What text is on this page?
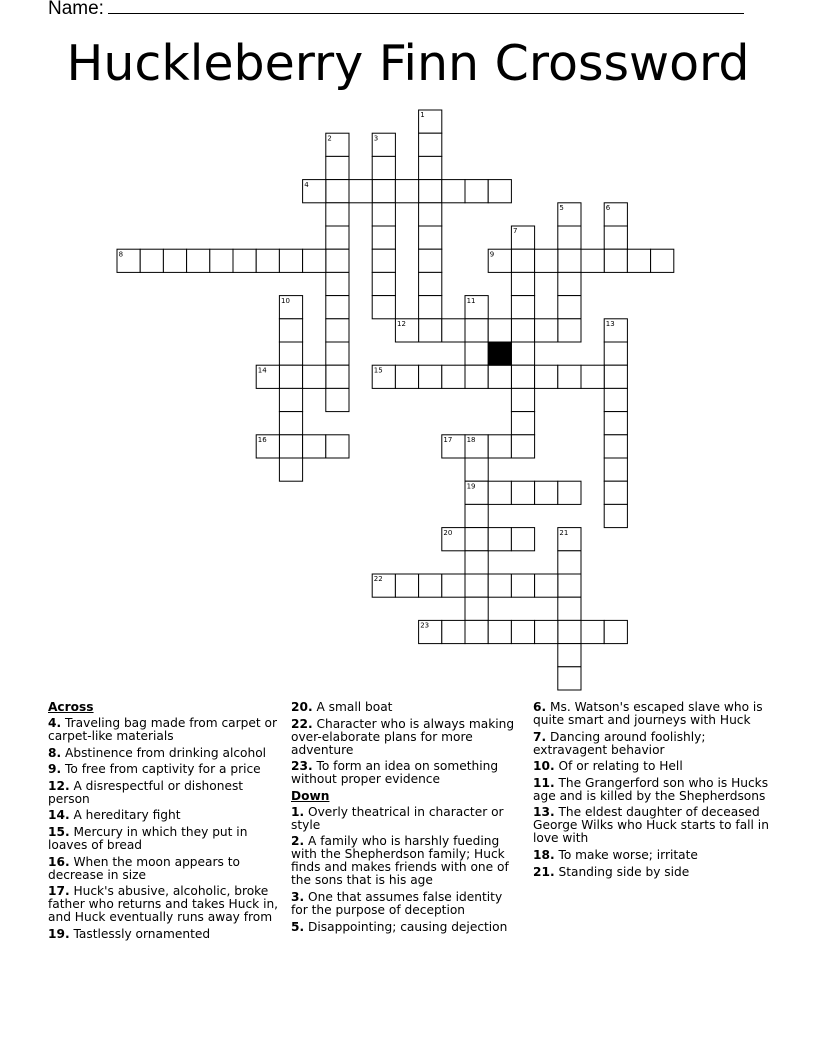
Name:
Huckleberry Finn Crossword
1
2	3
4
5	6
7
8	9
10	11
12	13
14	15
16	17 18
19
20	21
22
23
Across
4. Traveling bag made from carpet or carpet-like materials
8. Abstinence from drinking alcohol
9. To free from captivity for a price
12. A disrespectful or dishonest person
14. A hereditary fight
15. Mercury in which they put in loaves of bread
16. When the moon appears to decrease in size
17. Huck's abusive, alcoholic, broke father who returns and takes Huck in, and Huck eventually runs away from
19. Tastlessly ornamented
20. A small boat
22. Character who is always making over-elaborate plans for more adventure
23. To form an idea on something without proper evidence
Down
1. Overly theatrical in character or style
2. A family who is harshly fueding with the Shepherdson family; Huck finds and makes friends with one of the sons that is his age
3. One that assumes false identity for the purpose of deception
5. Disappointing; causing dejection
6. Ms. Watson's escaped slave who is quite smart and journeys with Huck
7. Dancing around foolishly; extravagent behavior
10. Of or relating to Hell
11. The Grangerford son who is Hucks age and is killed by the Shepherdsons
13. The eldest daughter of deceased George Wilks who Huck starts to fall in love with
18. To make worse; irritate
21. Standing side by side
